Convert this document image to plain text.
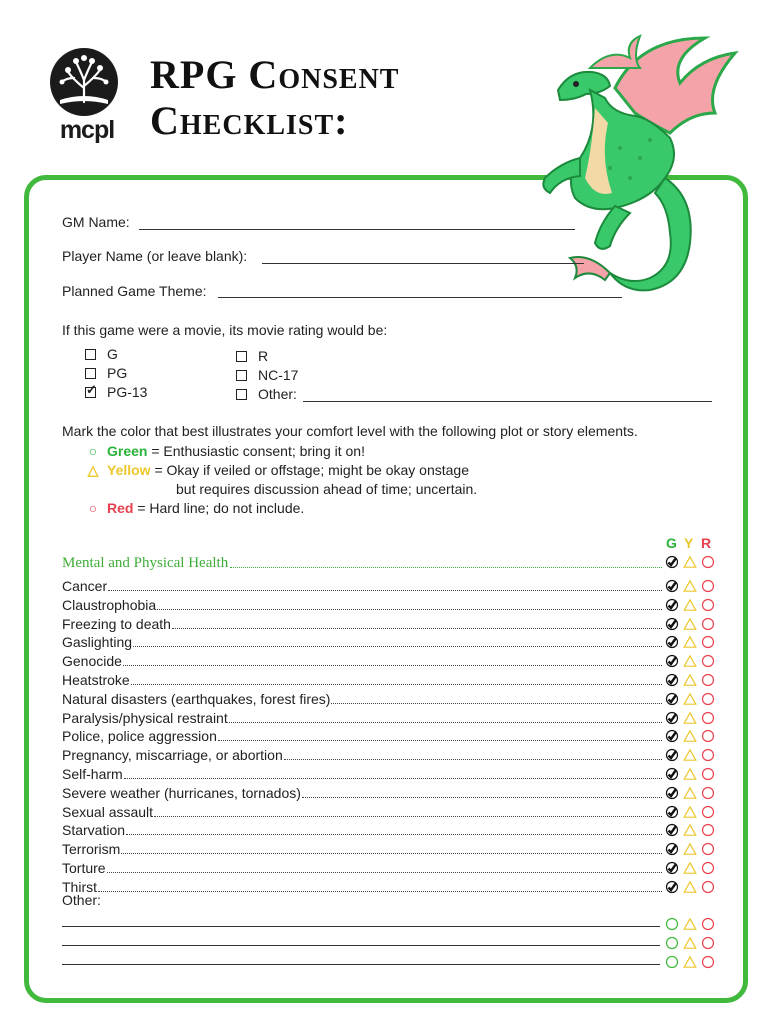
mcpl
RPG Consent
Checklist:
GM Name:
Player Name (or leave blank):
Planned Game Theme:
If this game were a movie, its movie rating would be:
G
PG
✓ PG-13
R
NC-17
Other:
Mark the color that best illustrates your comfort level with the following plot or story elements.
○ Green = Enthusiastic consent; bring it on!
△ Yellow = Okay if veiled or offstage; might be okay onstage
but requires discussion ahead of time; uncertain.
○ Red = Hard line; do not include.
G Y R
Mental and Physical Health
Cancer
Claustrophobia
Freezing to death
Gaslighting
Genocide
Heatstroke
Natural disasters (earthquakes, forest fires)
Paralysis/physical restraint
Police, police aggression
Pregnancy, miscarriage, or abortion
Self-harm
Severe weather (hurricanes, tornados)
Sexual assault
Starvation
Terrorism
Torture
Thirst
Other:
